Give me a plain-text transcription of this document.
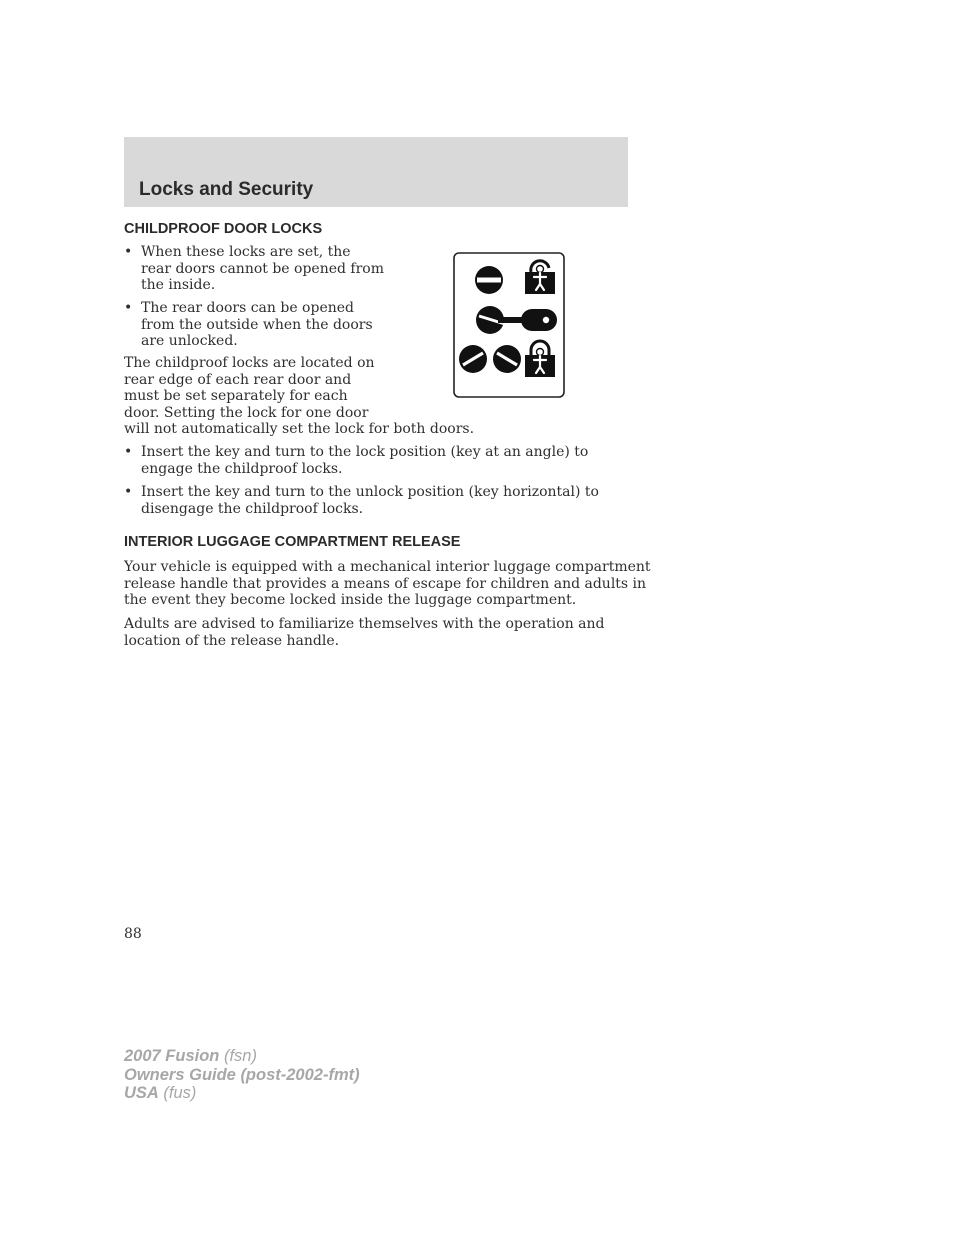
Locks and Security
CHILDPROOF DOOR LOCKS
• When these locks are set, the
rear doors cannot be opened from
the inside.
• The rear doors can be opened
from the outside when the doors
are unlocked.
The childproof locks are located on
rear edge of each rear door and
must be set separately for each
door. Setting the lock for one door
will not automatically set the lock for both doors.
• Insert the key and turn to the lock position (key at an angle) to
engage the childproof locks.
• Insert the key and turn to the unlock position (key horizontal) to
disengage the childproof locks.
INTERIOR LUGGAGE COMPARTMENT RELEASE
Your vehicle is equipped with a mechanical interior luggage compartment
release handle that provides a means of escape for children and adults in
the event they become locked inside the luggage compartment.
Adults are advised to familiarize themselves with the operation and
location of the release handle.
88
2007 Fusion (fsn)
Owners Guide (post-2002-fmt)
USA (fus)
